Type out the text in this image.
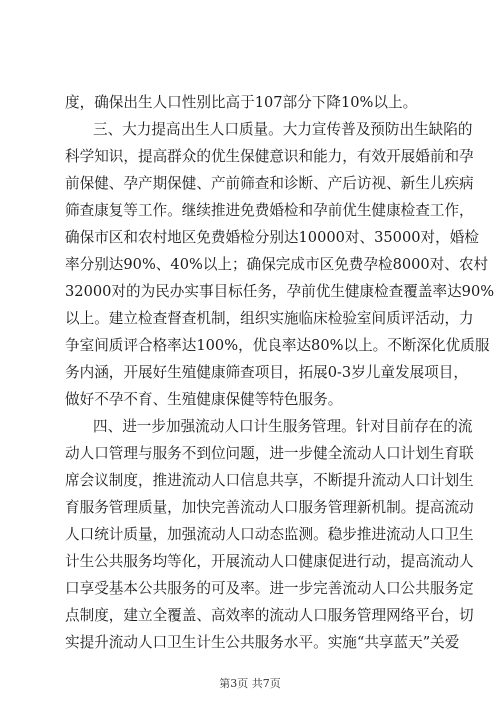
度，确保出生人口性别比高于107部分下降10%以上。
三、大力提高出生人口质量。大力宣传普及预防出生缺陷的
科学知识，提高群众的优生保健意识和能力，有效开展婚前和孕
前保健、孕产期保健、产前筛查和诊断、产后访视、新生儿疾病
筛查康复等工作。继续推进免费婚检和孕前优生健康检查工作，
确保市区和农村地区免费婚检分别达10000对、35000对，婚检
率分别达90%、40%以上；确保完成市区免费孕检8000对、农村
32000对的为民办实事目标任务，孕前优生健康检查覆盖率达90%
以上。建立检查督查机制，组织实施临床检验室间质评活动，力
争室间质评合格率达100%，优良率达80%以上。不断深化优质服
务内涵，开展好生殖健康筛查项目，拓展0-3岁儿童发展项目，
做好不孕不育、生殖健康保健等特色服务。
四、进一步加强流动人口计生服务管理。针对目前存在的流
动人口管理与服务不到位问题，进一步健全流动人口计划生育联
席会议制度，推进流动人口信息共享，不断提升流动人口计划生
育服务管理质量，加快完善流动人口服务管理新机制。提高流动
人口统计质量，加强流动人口动态监测。稳步推进流动人口卫生
计生公共服务均等化，开展流动人口健康促进行动，提高流动人
口享受基本公共服务的可及率。进一步完善流动人口公共服务定
点制度，建立全覆盖、高效率的流动人口服务管理网络平台，切
实提升流动人口卫生计生公共服务水平。实施“共享蓝天”关爱
第3页 共7页
